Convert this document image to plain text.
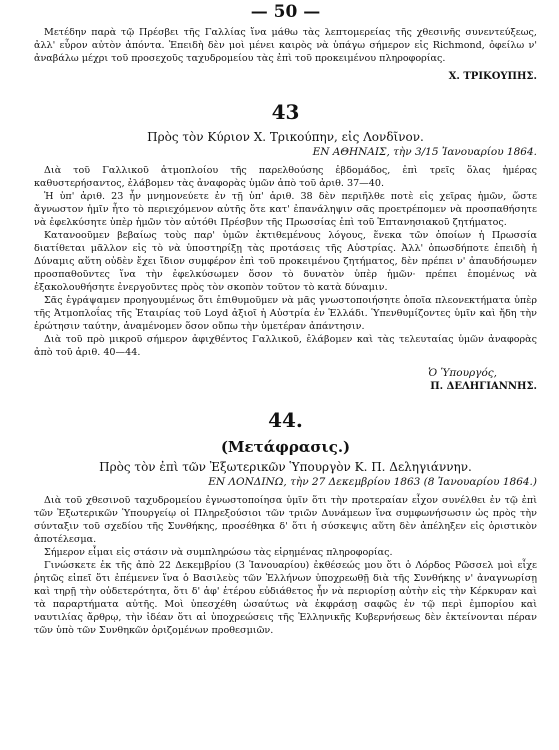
— 50 —

Μετέδην παρὰ τῷ Πρέσβει τῆς Γαλλίας ἵνα μάθω τὰς λεπτομερείας τῆς χθεσινῆς συνεντεύξεως, ἀλλ' εὗρον αὐτὸν ἀπόντα. Ἐπειδὴ δὲν μοὶ μένει καιρὸς νὰ ὑπάγω σήμερον εἰς Richmond, ὀφείλω ν' ἀναβάλω μέχρι τοῦ προσεχοῦς ταχυδρομείου τὰς ἐπὶ τοῦ προκειμένου πληροφορίας.

Χ. ΤΡΙΚΟΥΠΗΣ.

43

Πρὸς τὸν Κύριον Χ. Τρικούπην, εἰς Λονδῖνον.

ΕΝ ΑΘΗΝΑΙΣ, τὴν 3/15 Ἰανουαρίου 1864.

Διὰ τοῦ Γαλλικοῦ ἀτμοπλοίου τῆς παρελθούσης ἑβδομάδος, ἐπὶ τρεῖς ὅλας ἡμέρας καθυστερήσαντος, ἐλάβομεν τὰς ἀναφορὰς ὑμῶν ἀπὸ τοῦ ἀριθ. 37—40.

Ἡ ὑπ' ἀριθ. 23 ἦν μνημονεύετε ἐν τῇ ὑπ' ἀριθ. 38 δὲν περιῆλθε ποτὲ εἰς χεῖρας ἡμῶν, ὥστε ἄγνωστον ἡμῖν ἦτο τὸ περιεχόμενον αὐτῆς ὅτε κατ' ἐπανάληψιν σᾶς προετρέπομεν νὰ προσπαθήσητε νὰ ἐφελκύσητε ὑπὲρ ἡμῶν τὸν αὐτόθι Πρέσβυν τῆς Πρωσσίας ἐπὶ τοῦ Ἑπτανησιακοῦ ζητήματος.

Κατανοοῦμεν βεβαίως τοὺς παρ' ὑμῶν ἐκτιθεμένους λόγους, ἕνεκα τῶν ὁποίων ἡ Πρωσσία διατίθεται μᾶλλον εἰς τὸ νὰ ὑποστηρίξῃ τὰς προτάσεις τῆς Αὐστρίας. Ἀλλ' ὁπωσδήποτε ἐπειδὴ ἡ Δύναμις αὕτη οὐδὲν ἔχει ἴδιον συμφέρον ἐπὶ τοῦ προκειμένου ζητήματος, δὲν πρέπει ν' ἀπαυδήσωμεν προσπαθοῦντες ἵνα τὴν ἐφελκύσωμεν ὅσον τὸ δυνατὸν ὑπὲρ ἡμῶν· πρέπει ἑπομένως νὰ ἐξακολουθήσητε ἐνεργοῦντες πρὸς τὸν σκοπὸν τοῦτον τὸ κατὰ δύναμιν.

Σᾶς ἐγράψαμεν προηγουμένως ὅτι ἐπιθυμοῦμεν νὰ μᾶς γνωστοποιήσητε ὁποῖα πλεονεκτήματα ὑπὲρ τῆς Ἀτμοπλοΐας τῆς Ἑταιρίας τοῦ Loyd ἀξιοῖ ἡ Αὐστρία ἐν Ἑλλάδι. Ὑπενθυμίζοντες ὑμῖν καὶ ἤδη τὴν ἐρώτησιν ταύτην, ἀναμένομεν ὅσον οὔπω τὴν ὑμετέραν ἀπάντησιν.

Διὰ τοῦ πρὸ μικροῦ σήμερον ἀφιχθέντος Γαλλικοῦ, ἐλάβομεν καὶ τὰς τελευταίας ὑμῶν ἀναφορὰς ἀπὸ τοῦ ἀριθ. 40—44.

Ὁ Ὑπουργός,

Π. ΔΕΛΗΓΙΑΝΝΗΣ.

44.

(Μετάφρασις.)

Πρὸς τὸν ἐπὶ τῶν Ἐξωτερικῶν Ὑπουργὸν Κ. Π. Δεληγιάννην.

ΕΝ ΛΟΝΔΙΝΩ, τὴν 27 Δεκεμβρίου 1863 (8 Ἰανουαρίου 1864.)

Διὰ τοῦ χθεσινοῦ ταχυδρομείου ἐγνωστοποίησα ὑμῖν ὅτι τὴν προτεραίαν εἶχον συνέλθει ἐν τῷ ἐπὶ τῶν Ἐξωτερικῶν Ὑπουργείῳ οἱ Πληρεξούσιοι τῶν τριῶν Δυνάμεων ἵνα συμφωνήσωσιν ὡς πρὸς τὴν σύνταξιν τοῦ σχεδίου τῆς Συνθήκης, προσέθηκα δ' ὅτι ἡ σύσκεψις αὕτη δὲν ἀπέληξεν εἰς ὁριστικὸν ἀποτέλεσμα.

Σήμερον εἶμαι εἰς στάσιν νὰ συμπληρώσω τὰς εἰρημένας πληροφορίας.

Γινώσκετε ἐκ τῆς ἀπὸ 22 Δεκεμβρίου (3 Ἰανουαρίου) ἐκθέσεώς μου ὅτι ὁ Λόρδος Ρῶσσελ μοὶ εἶχε ῥητῶς εἰπεῖ ὅτι ἐπέμενεν ἵνα ὁ Βασιλεὺς τῶν Ἑλλήνων ὑποχρεωθῇ διὰ τῆς Συνθήκης ν' ἀναγνωρίσῃ καὶ τηρῇ τὴν οὐδετερότητα, ὅτι δ' ἀφ' ἑτέρου εὐδιάθετος ἦν νὰ περιορίσῃ αὐτὴν εἰς τὴν Κέρκυραν καὶ τὰ παραρτήματα αὐτῆς. Μοὶ ὑπεσχέθη ὡσαύτως νὰ ἐκφράσῃ σαφῶς ἐν τῷ περὶ ἐμπορίου καὶ ναυτιλίας ἄρθρῳ, τὴν ἰδέαν ὅτι αἱ ὑποχρεώσεις τῆς Ἑλληνικῆς Κυβερνήσεως δὲν ἐκτείνονται πέραν τῶν ὑπὸ τῶν Συνθηκῶν ὁριζομένων προθεσμιῶν.
